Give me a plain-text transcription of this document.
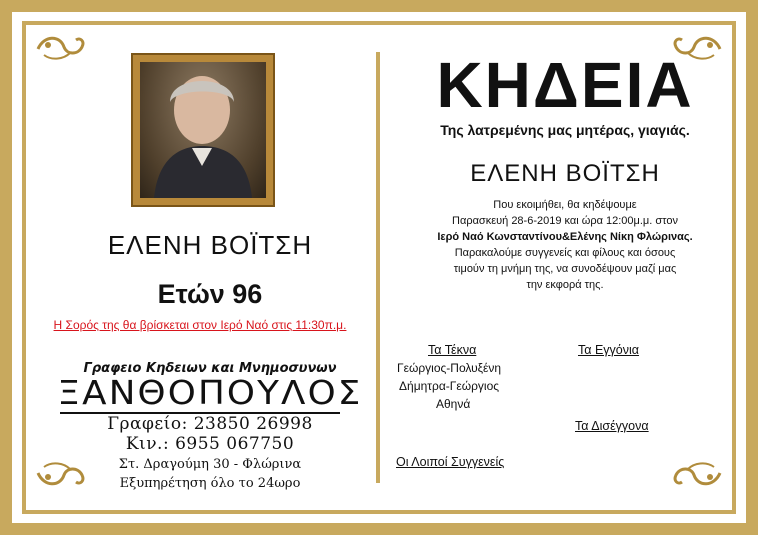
ΕΛΕΝΗ ΒΟΪΤΣΗ
Ετών 96
Η Σορός της θα βρίσκεται στον Ιερό Ναό στις 11:30π.μ.
Γραφειο Κηδειων και Μνημοσυνων
ΞΑΝΘΟΠΟΥΛΟΣ
Γραφείο: 23850 26998
Κιν.: 6955 067750
Στ. Δραγούμη 30 - Φλώρινα
Εξυπηρέτηση όλο το 24ωρο
ΚΗΔΕΙΑ
Της λατρεμένης μας μητέρας, γιαγιάς.
ΕΛΕΝΗ ΒΟΪΤΣΗ
Που εκοιμήθει, θα κηδέψουμε
Παρασκευή 28-6-2019 και ώρα 12:00μ.μ. στον
Ιερό Ναό Κωνσταντίνου&Ελένης Νίκη Φλώρινας.
Παρακαλούμε συγγενείς και φίλους και όσους
τιμούν τη μνήμη της, να συνοδέψουν μαζί μας
την εκφορά της.
Τα Τέκνα
Γεώργιος-Πολυξένη
Δήμητρα-Γεώργιος
Αθηνά
Τα Εγγόνια
Τα Δισέγγονα
Οι Λοιποί Συγγενείς
